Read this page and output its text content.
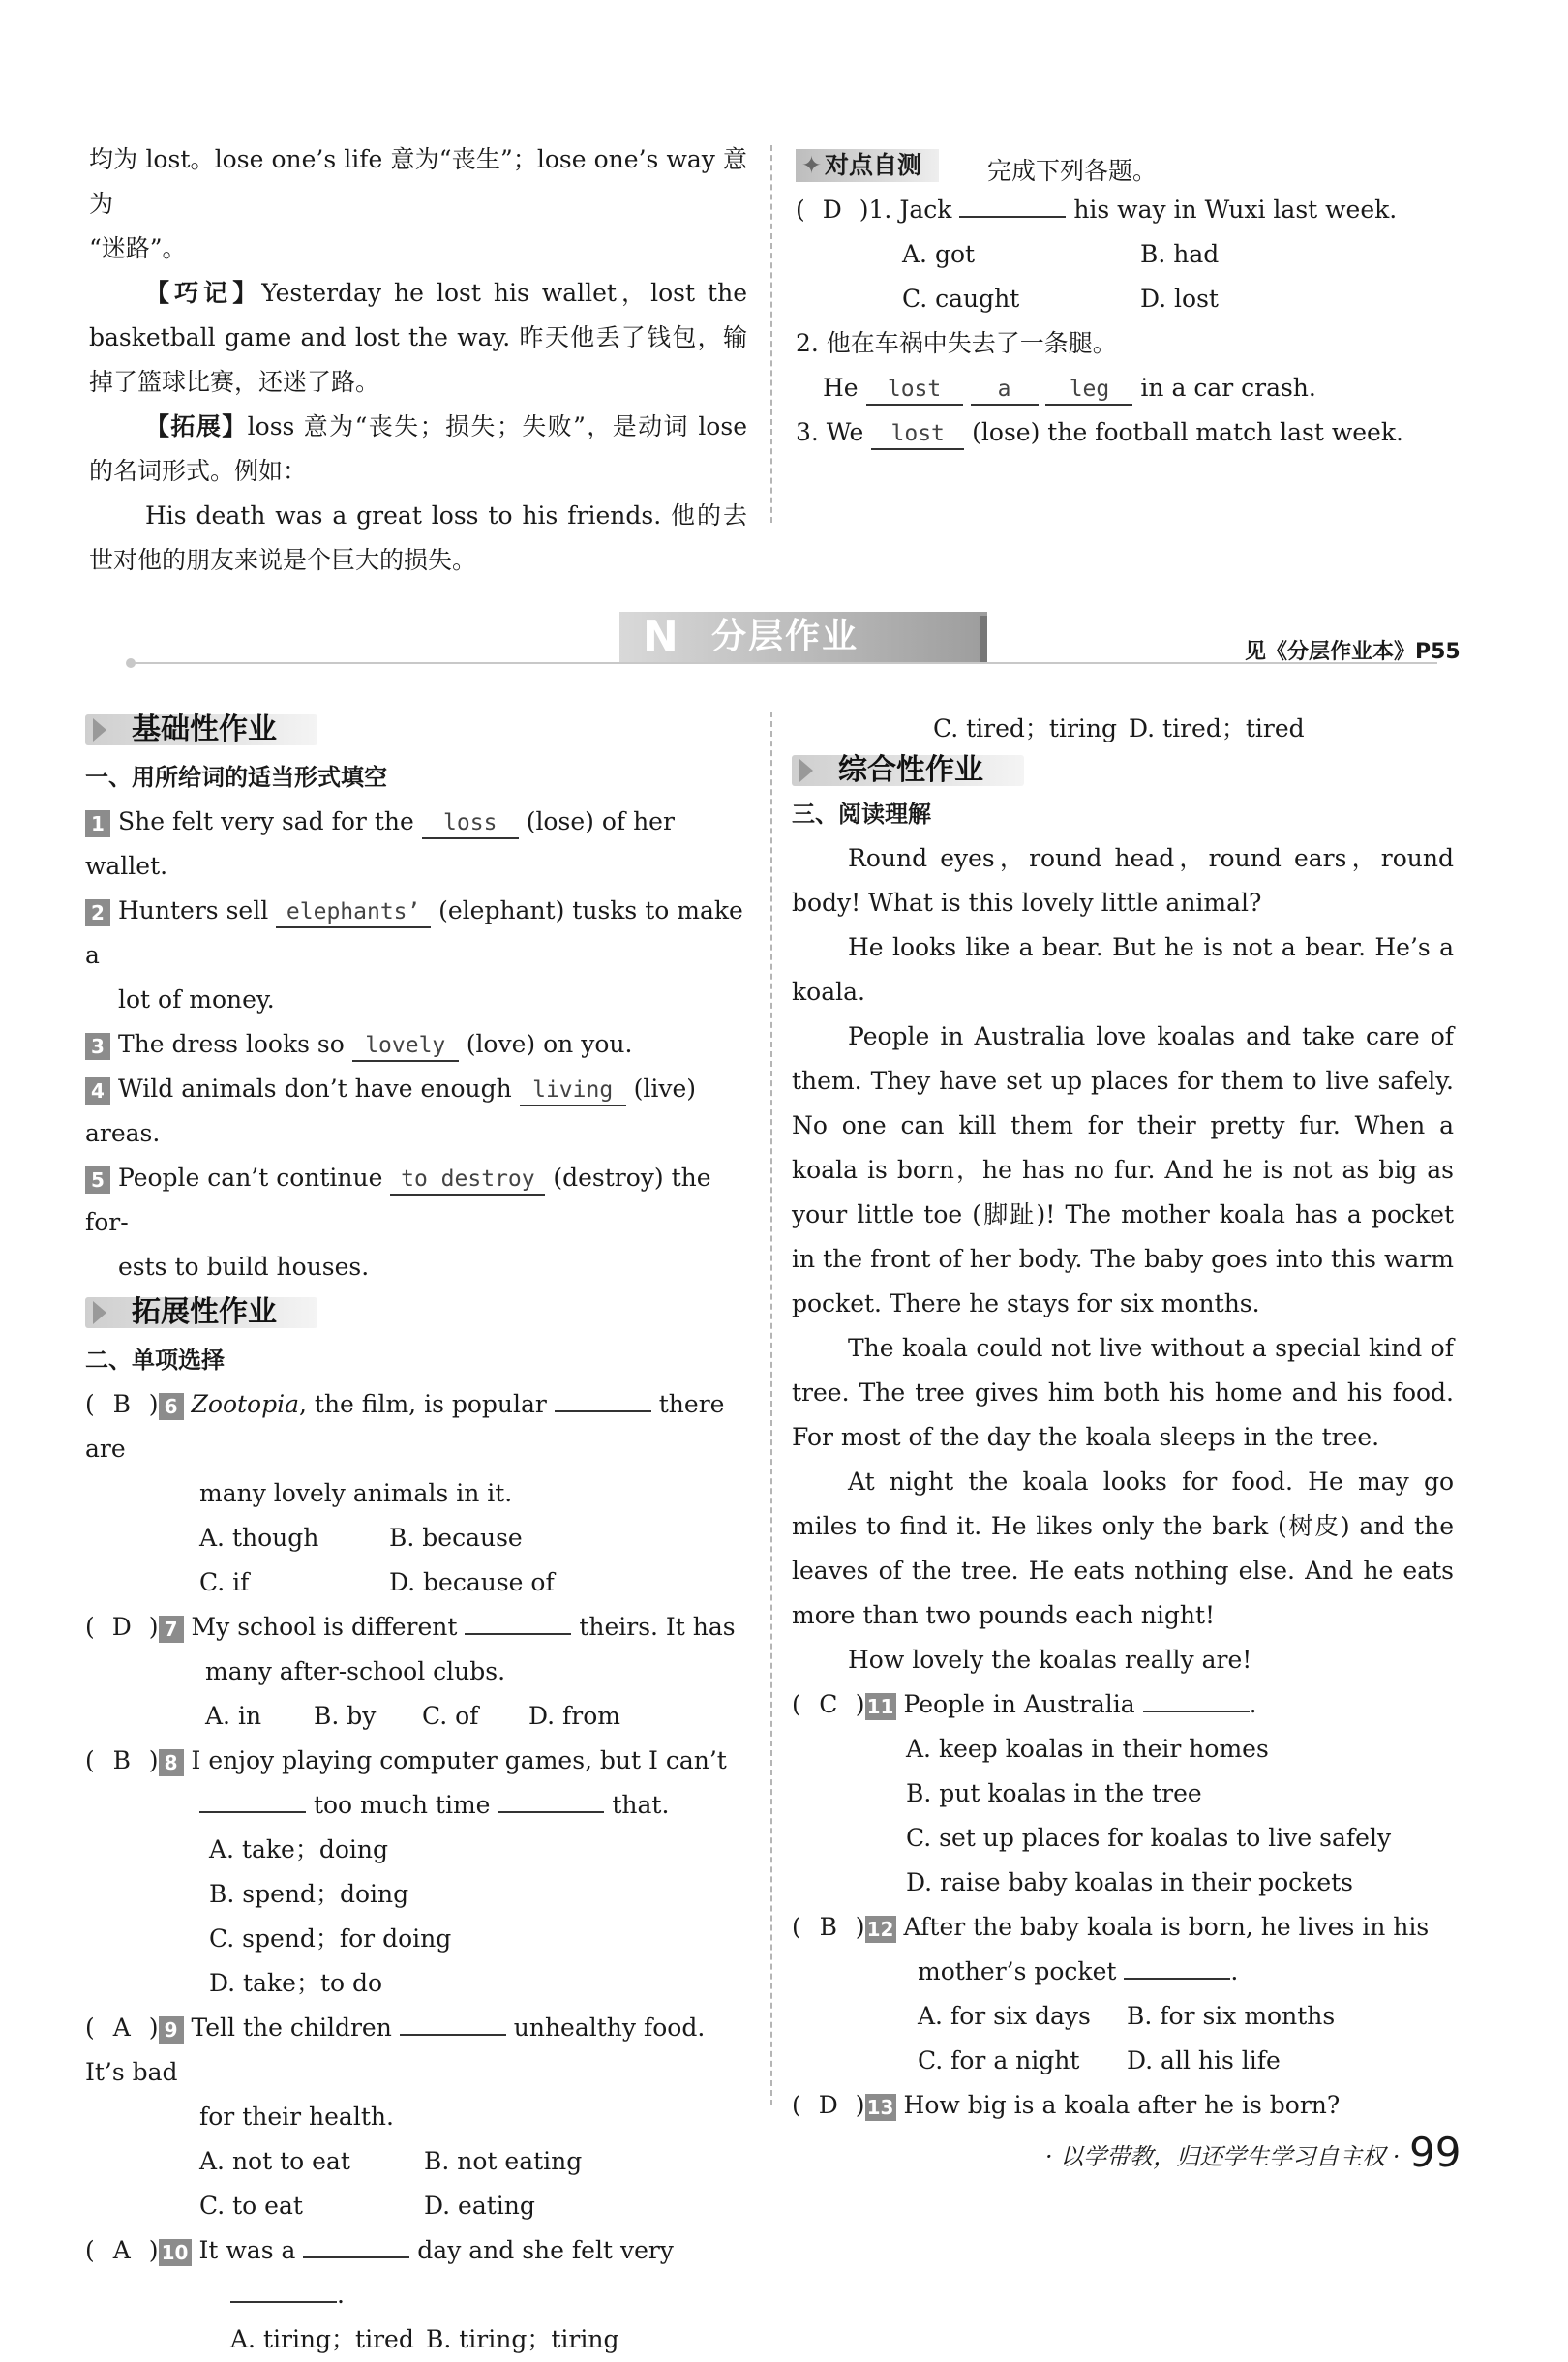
均为 lost。lose one’s life 意为“丧生”；lose one’s way 意为

“迷路”。

【巧记】Yesterday he lost his wallet，lost the basketball game and lost the way. 昨天他丢了钱包，输掉了篮球比赛，还迷了路。

【拓展】loss 意为“丧失；损失；失败”，是动词 lose 的名词形式。例如：

His death was a great loss to his friends. 他的去世对他的朋友来说是个巨大的损失。

✦ 对点自测	完成下列各题。
( D )1. Jack	his way in Wuxi last week.
A. got	B. had
C. caught	D. lost
2. 他在车祸中失去了一条腿。
He lost	a	leg in a car crash.
3. We lost (lose) the football match last week.
N 分层作业	见《分层作业本》P55
基础性作业
一、用所给词的适当形式填空
1 She felt very sad for the loss (lose) of her wallet.
2 Hunters sell elephants’ (elephant) tusks to make a
lot of money.
3 The dress looks so lovely (love) on you.
4 Wild animals don’t have enough living (live) areas.
5 People can’t continue to destroy (destroy) the for-
ests to build houses.
拓展性作业
二、单项选择
( B ) 6 Zootopia, the film, is popular	there are
many lovely animals in it.
A. though	B. because
C. if	D. because of
( D ) 7 My school is different	theirs. It has
many after-school clubs.
A. in B. by C. of D. from
( B ) 8 I enjoy playing computer games, but I can’t
too much time	that.
A. take；doing
B. spend；doing
C. spend；for doing
D. take；to do
( A ) 9 Tell the children	unhealthy food. It’s bad
for their health.
A. not to eat	B. not eating
C. to eat	D. eating
( A ) 10 It was a	day and she felt very
.
A. tiring；tired B. tiring；tiring
C. tired；tiring D. tired；tired
综合性作业
三、阅读理解

Round eyes，round head，round ears，round body! What is this lovely little animal?

He looks like a bear. But he is not a bear. He’s a koala.

People in Australia love koalas and take care of them. They have set up places for them to live safely. No one can kill them for their pretty fur. When a koala is born，he has no fur. And he is not as big as your little toe (脚趾)! The mother koala has a pocket in the front of her body. The baby goes into this warm pocket. There he stays for six months.

The koala could not live without a special kind of tree. The tree gives him both his home and his food. For most of the day the koala sleeps in the tree.

At night the koala looks for food. He may go miles to find it. He likes only the bark (树皮) and the leaves of the tree. He eats nothing else. And he eats more than two pounds each night!

How lovely the koalas really are!

( C ) 11 People in Australia	.
A. keep koalas in their homes
B. put koalas in the tree
C. set up places for koalas to live safely
D. raise baby koalas in their pockets
( B ) 12 After the baby koala is born, he lives in his
mother’s pocket	.
A. for six days B. for six months
C. for a night D. all his life
( D ) 13 How big is a koala after he is born?
· 以学带教，归还学生学习自主权 · 99
